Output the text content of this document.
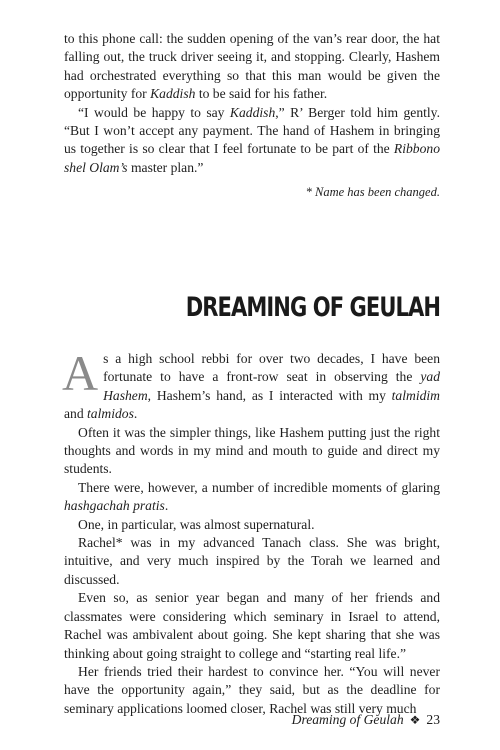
to this phone call: the sudden opening of the van’s rear door, the hat falling out, the truck driver seeing it, and stopping. Clearly, Hashem had orchestrated everything so that this man would be given the opportunity for Kaddish to be said for his father.

“I would be happy to say Kaddish,” R’ Berger told him gently. “But I won’t accept any payment. The hand of Hashem in bringing us together is so clear that I feel fortunate to be part of the Ribbono shel Olam’s master plan.”

* Name has been changed.

DREAMING OF GEULAH

As a high school rebbi for over two decades, I have been fortunate to have a front-row seat in observing the yad Hashem, Hashem’s hand, as I interacted with my talmidim and talmidos.

Often it was the simpler things, like Hashem putting just the right thoughts and words in my mind and mouth to guide and direct my students.

There were, however, a number of incredible moments of glaring hashgachah pratis.

One, in particular, was almost supernatural.

Rachel* was in my advanced Tanach class. She was bright, intuitive, and very much inspired by the Torah we learned and discussed.

Even so, as senior year began and many of her friends and classmates were considering which seminary in Israel to attend, Rachel was ambivalent about going. She kept sharing that she was thinking about going straight to college and “starting real life.”

Her friends tried their hardest to convince her. “You will never have the opportunity again,” they said, but as the deadline for seminary applications loomed closer, Rachel was still very much

Dreaming of Geulah ❖ 23
